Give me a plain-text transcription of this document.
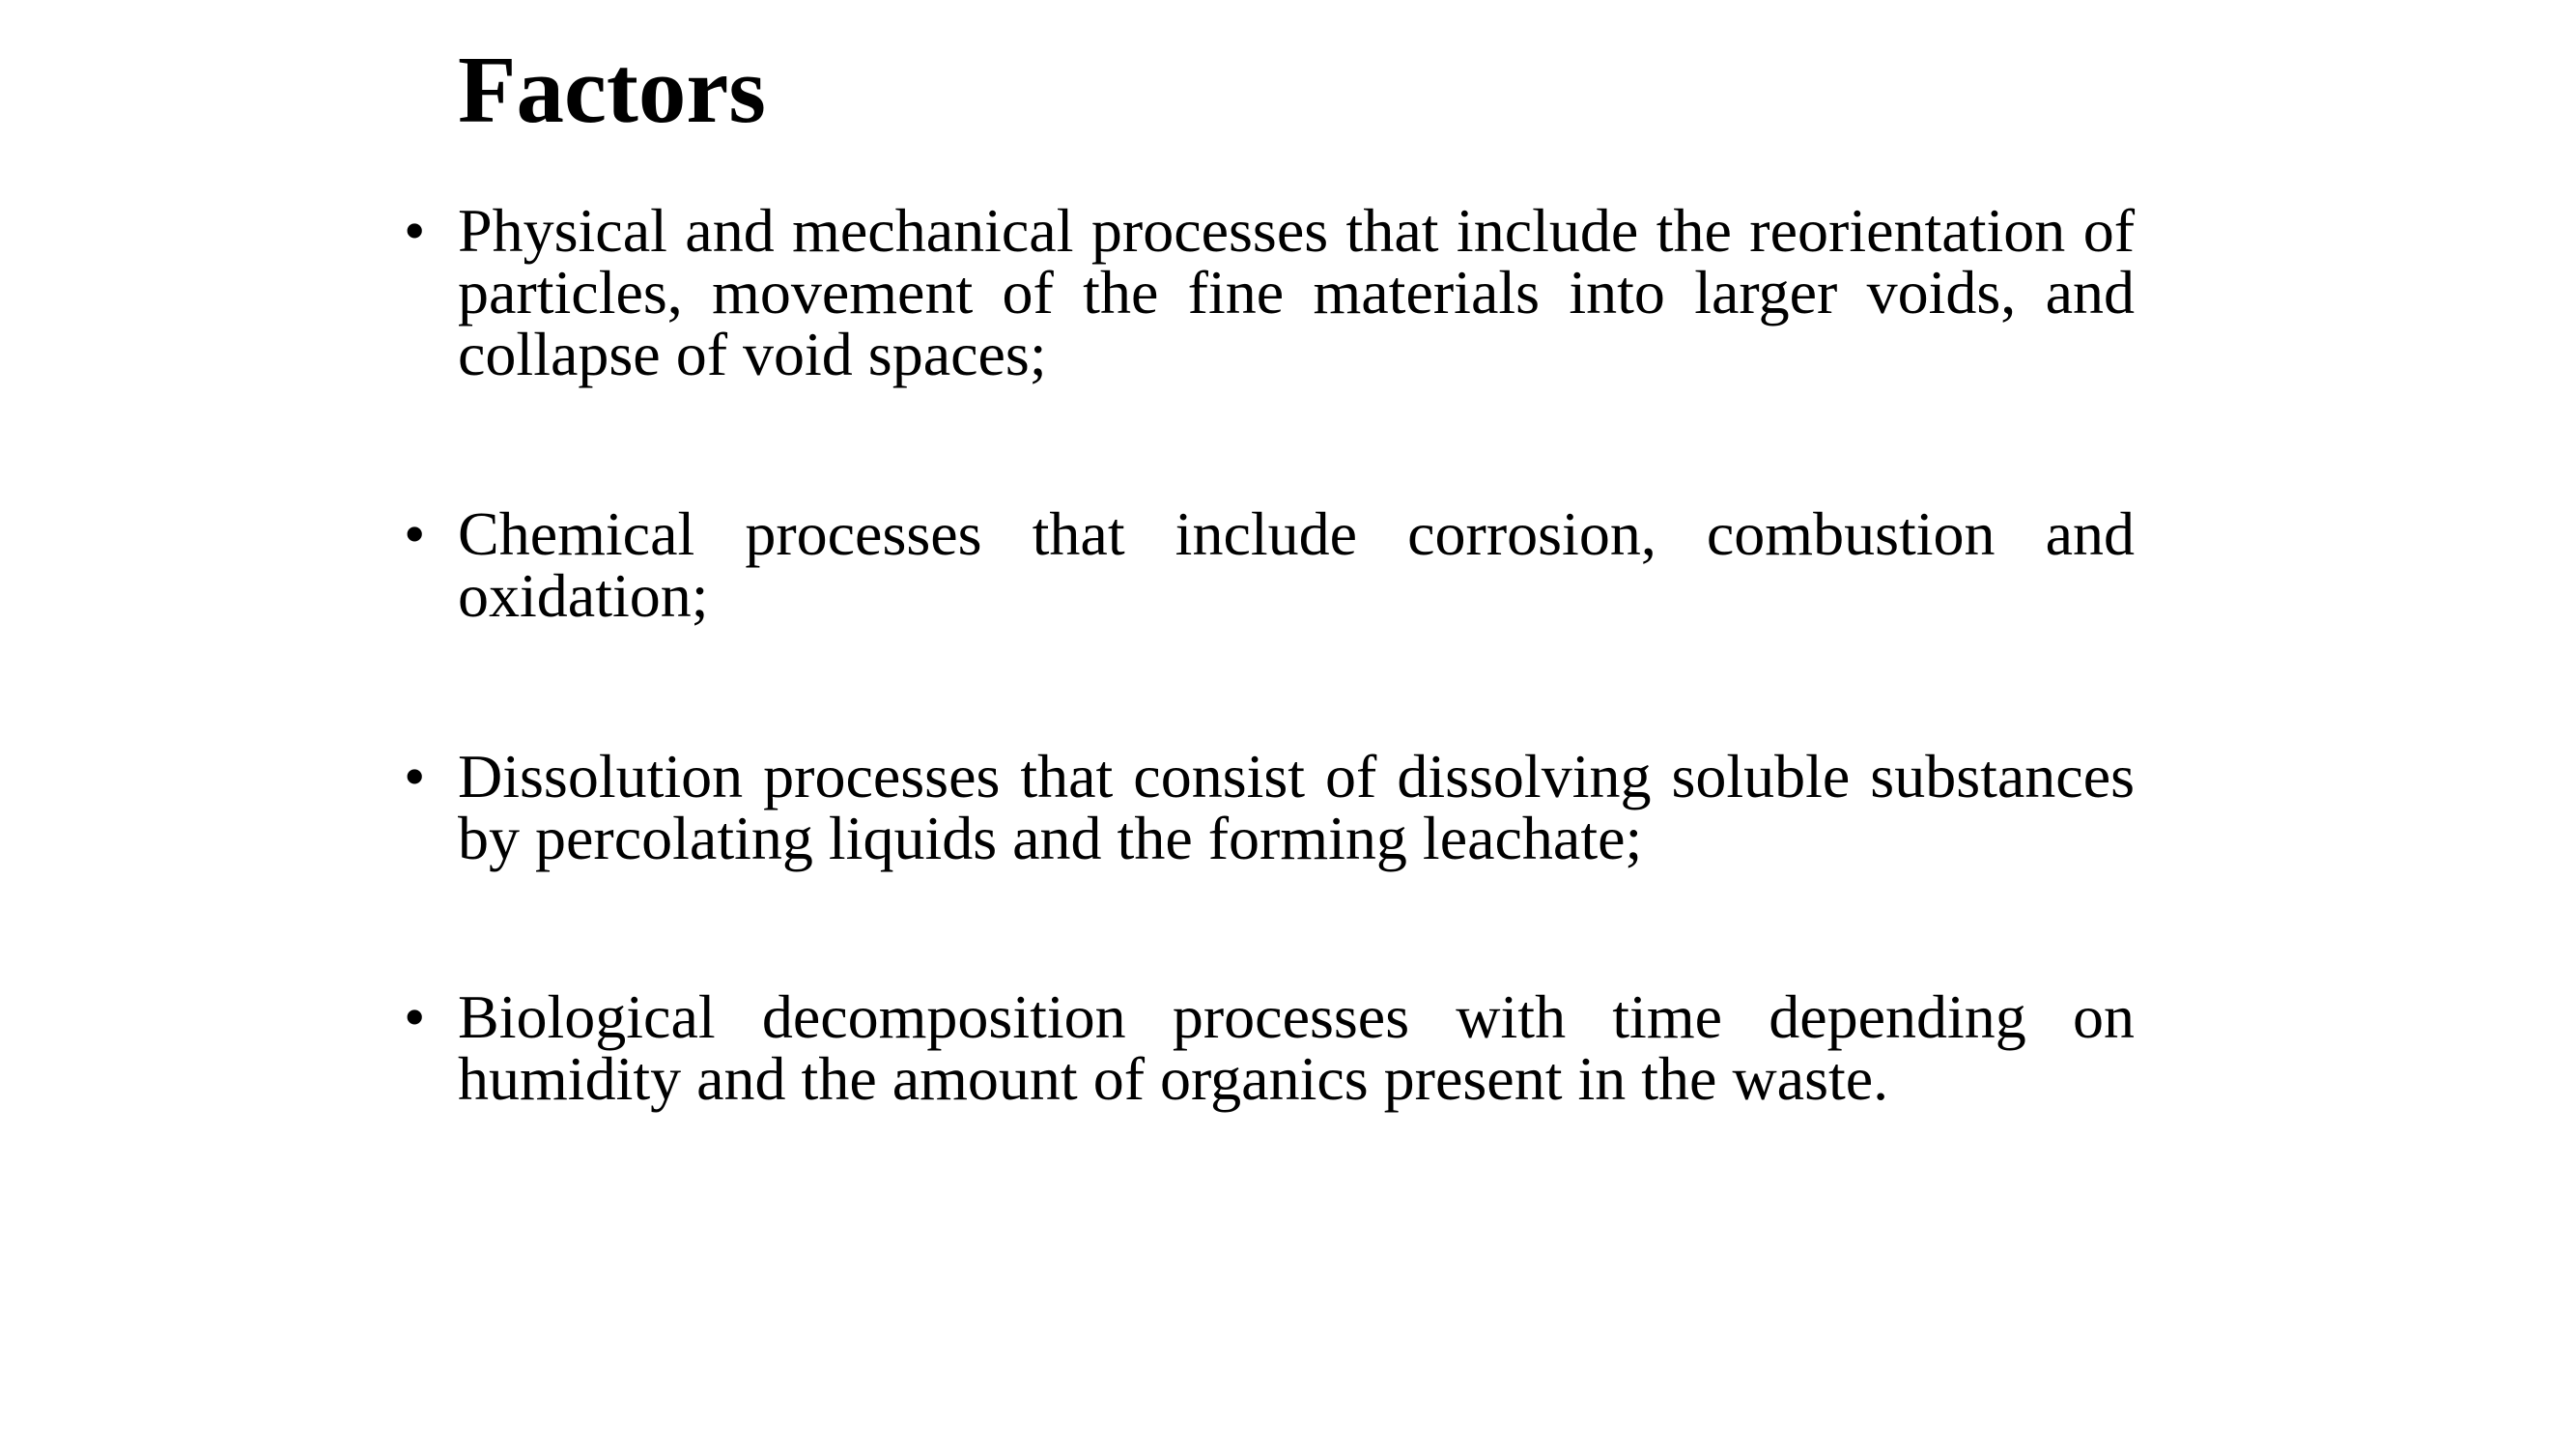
Factors
• Physical and mechanical processes that include the reorientation of particles, movement of the fine materials into larger voids, and collapse of void spaces;

• Chemical processes that include corrosion, combustion and oxidation;

• Dissolution processes that consist of dissolving soluble substances by percolating liquids and the forming leachate;

• Biological decomposition processes with time depending on humidity and the amount of organics present in the waste.
